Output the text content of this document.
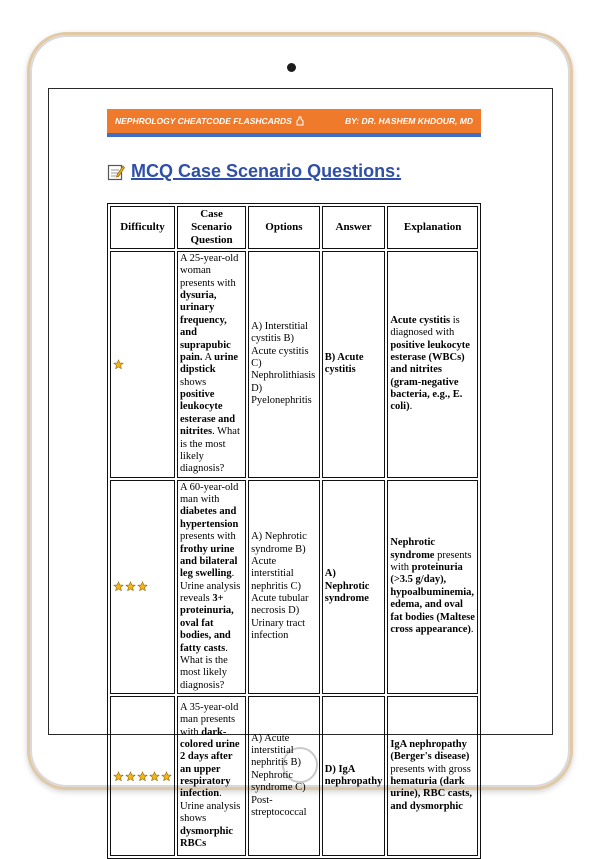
NEPHROLOGY CHEATCODE FLASHCARDS	BY: DR. HASHEM KHDOUR, MD
MCQ Case Scenario Questions:
Difficulty	Case Scenario Question	Options	Answer	Explanation

	A 25-year-old woman presents with dysuria, urinary frequency, and suprapubic pain. A urine dipstick shows positive leukocyte esterase and nitrites. What is the most likely diagnosis?	A) Interstitial cystitis B) Acute cystitis C) Nephrolithiasis D) Pyelonephritis	B) Acute cystitis	Acute cystitis is diagnosed with positive leukocyte esterase (WBCs) and nitrites (gram-negative bacteria, e.g., E. coli).

	A 60-year-old man with diabetes and hypertension presents with frothy urine and bilateral leg swelling. Urine analysis reveals 3+ proteinuria, oval fat bodies, and fatty casts. What is the most likely diagnosis?	A) Nephrotic syndrome B) Acute interstitial nephritis C) Acute tubular necrosis D) Urinary tract infection	A) Nephrotic syndrome	Nephrotic syndrome presents with proteinuria (>3.5 g/day), hypoalbuminemia, edema, and oval fat bodies (Maltese cross appearance).

	A 35-year-old man presents with dark-colored urine 2 days after an upper respiratory infection. Urine analysis shows dysmorphic RBCs	A) Acute interstitial nephritis B) Nephrotic syndrome C) Post-streptococcal	D) IgA nephropathy	IgA nephropathy (Berger's disease) presents with gross hematuria (dark urine), RBC casts, and dysmorphic
